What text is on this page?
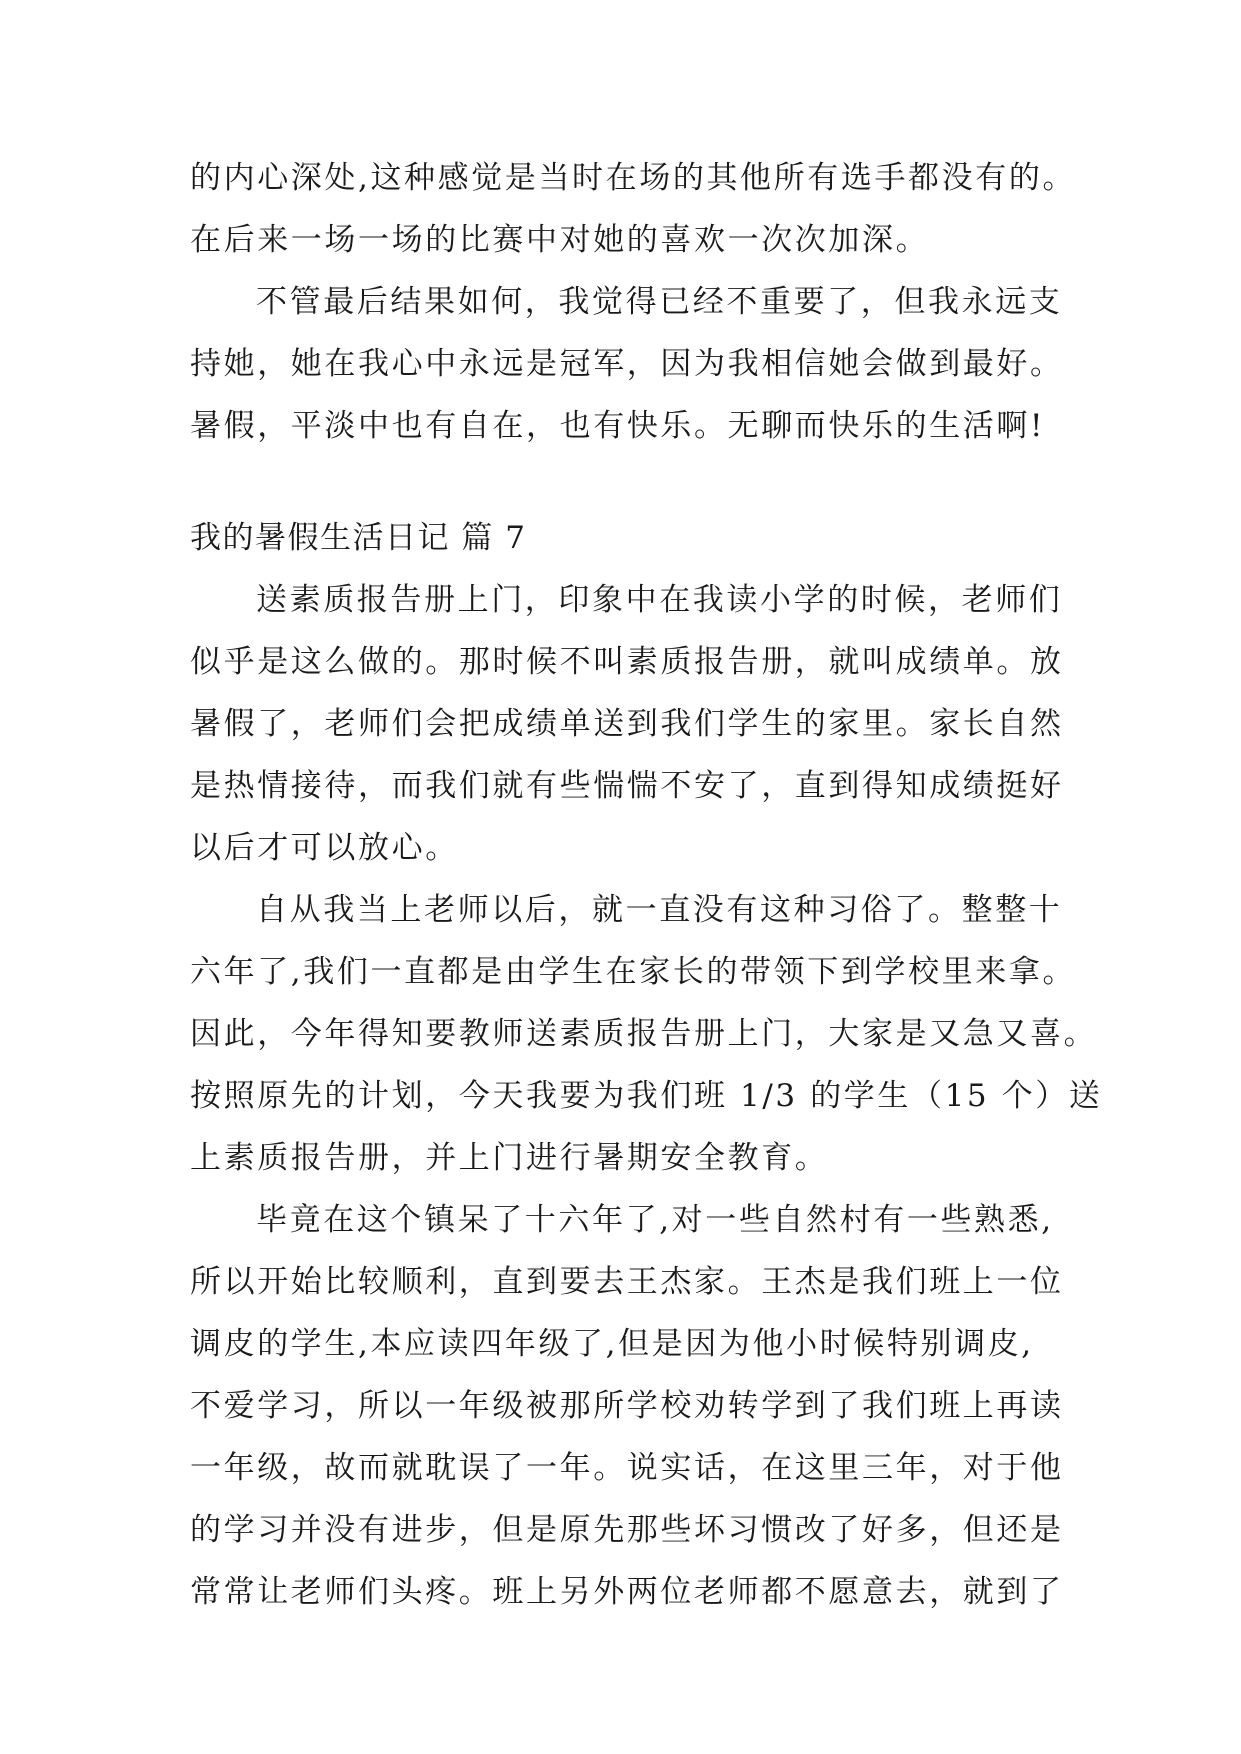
的内心深处,这种感觉是当时在场的其他所有选手都没有的。
在后来一场一场的比赛中对她的喜欢一次次加深。
不管最后结果如何，我觉得已经不重要了，但我永远支
持她，她在我心中永远是冠军，因为我相信她会做到最好。
暑假，平淡中也有自在，也有快乐。无聊而快乐的生活啊!
我的暑假生活日记 篇 7
送素质报告册上门，印象中在我读小学的时候，老师们
似乎是这么做的。那时候不叫素质报告册，就叫成绩单。放
暑假了，老师们会把成绩单送到我们学生的家里。家长自然
是热情接待，而我们就有些惴惴不安了，直到得知成绩挺好
以后才可以放心。
自从我当上老师以后，就一直没有这种习俗了。整整十
六年了,我们一直都是由学生在家长的带领下到学校里来拿。
因此，今年得知要教师送素质报告册上门，大家是又急又喜。
按照原先的计划，今天我要为我们班 1/3 的学生（15 个）送
上素质报告册，并上门进行暑期安全教育。
毕竟在这个镇呆了十六年了,对一些自然村有一些熟悉,
所以开始比较顺利，直到要去王杰家。王杰是我们班上一位
调皮的学生,本应读四年级了,但是因为他小时候特别调皮,
不爱学习，所以一年级被那所学校劝转学到了我们班上再读
一年级，故而就耽误了一年。说实话，在这里三年，对于他
的学习并没有进步，但是原先那些坏习惯改了好多，但还是
常常让老师们头疼。班上另外两位老师都不愿意去，就到了
